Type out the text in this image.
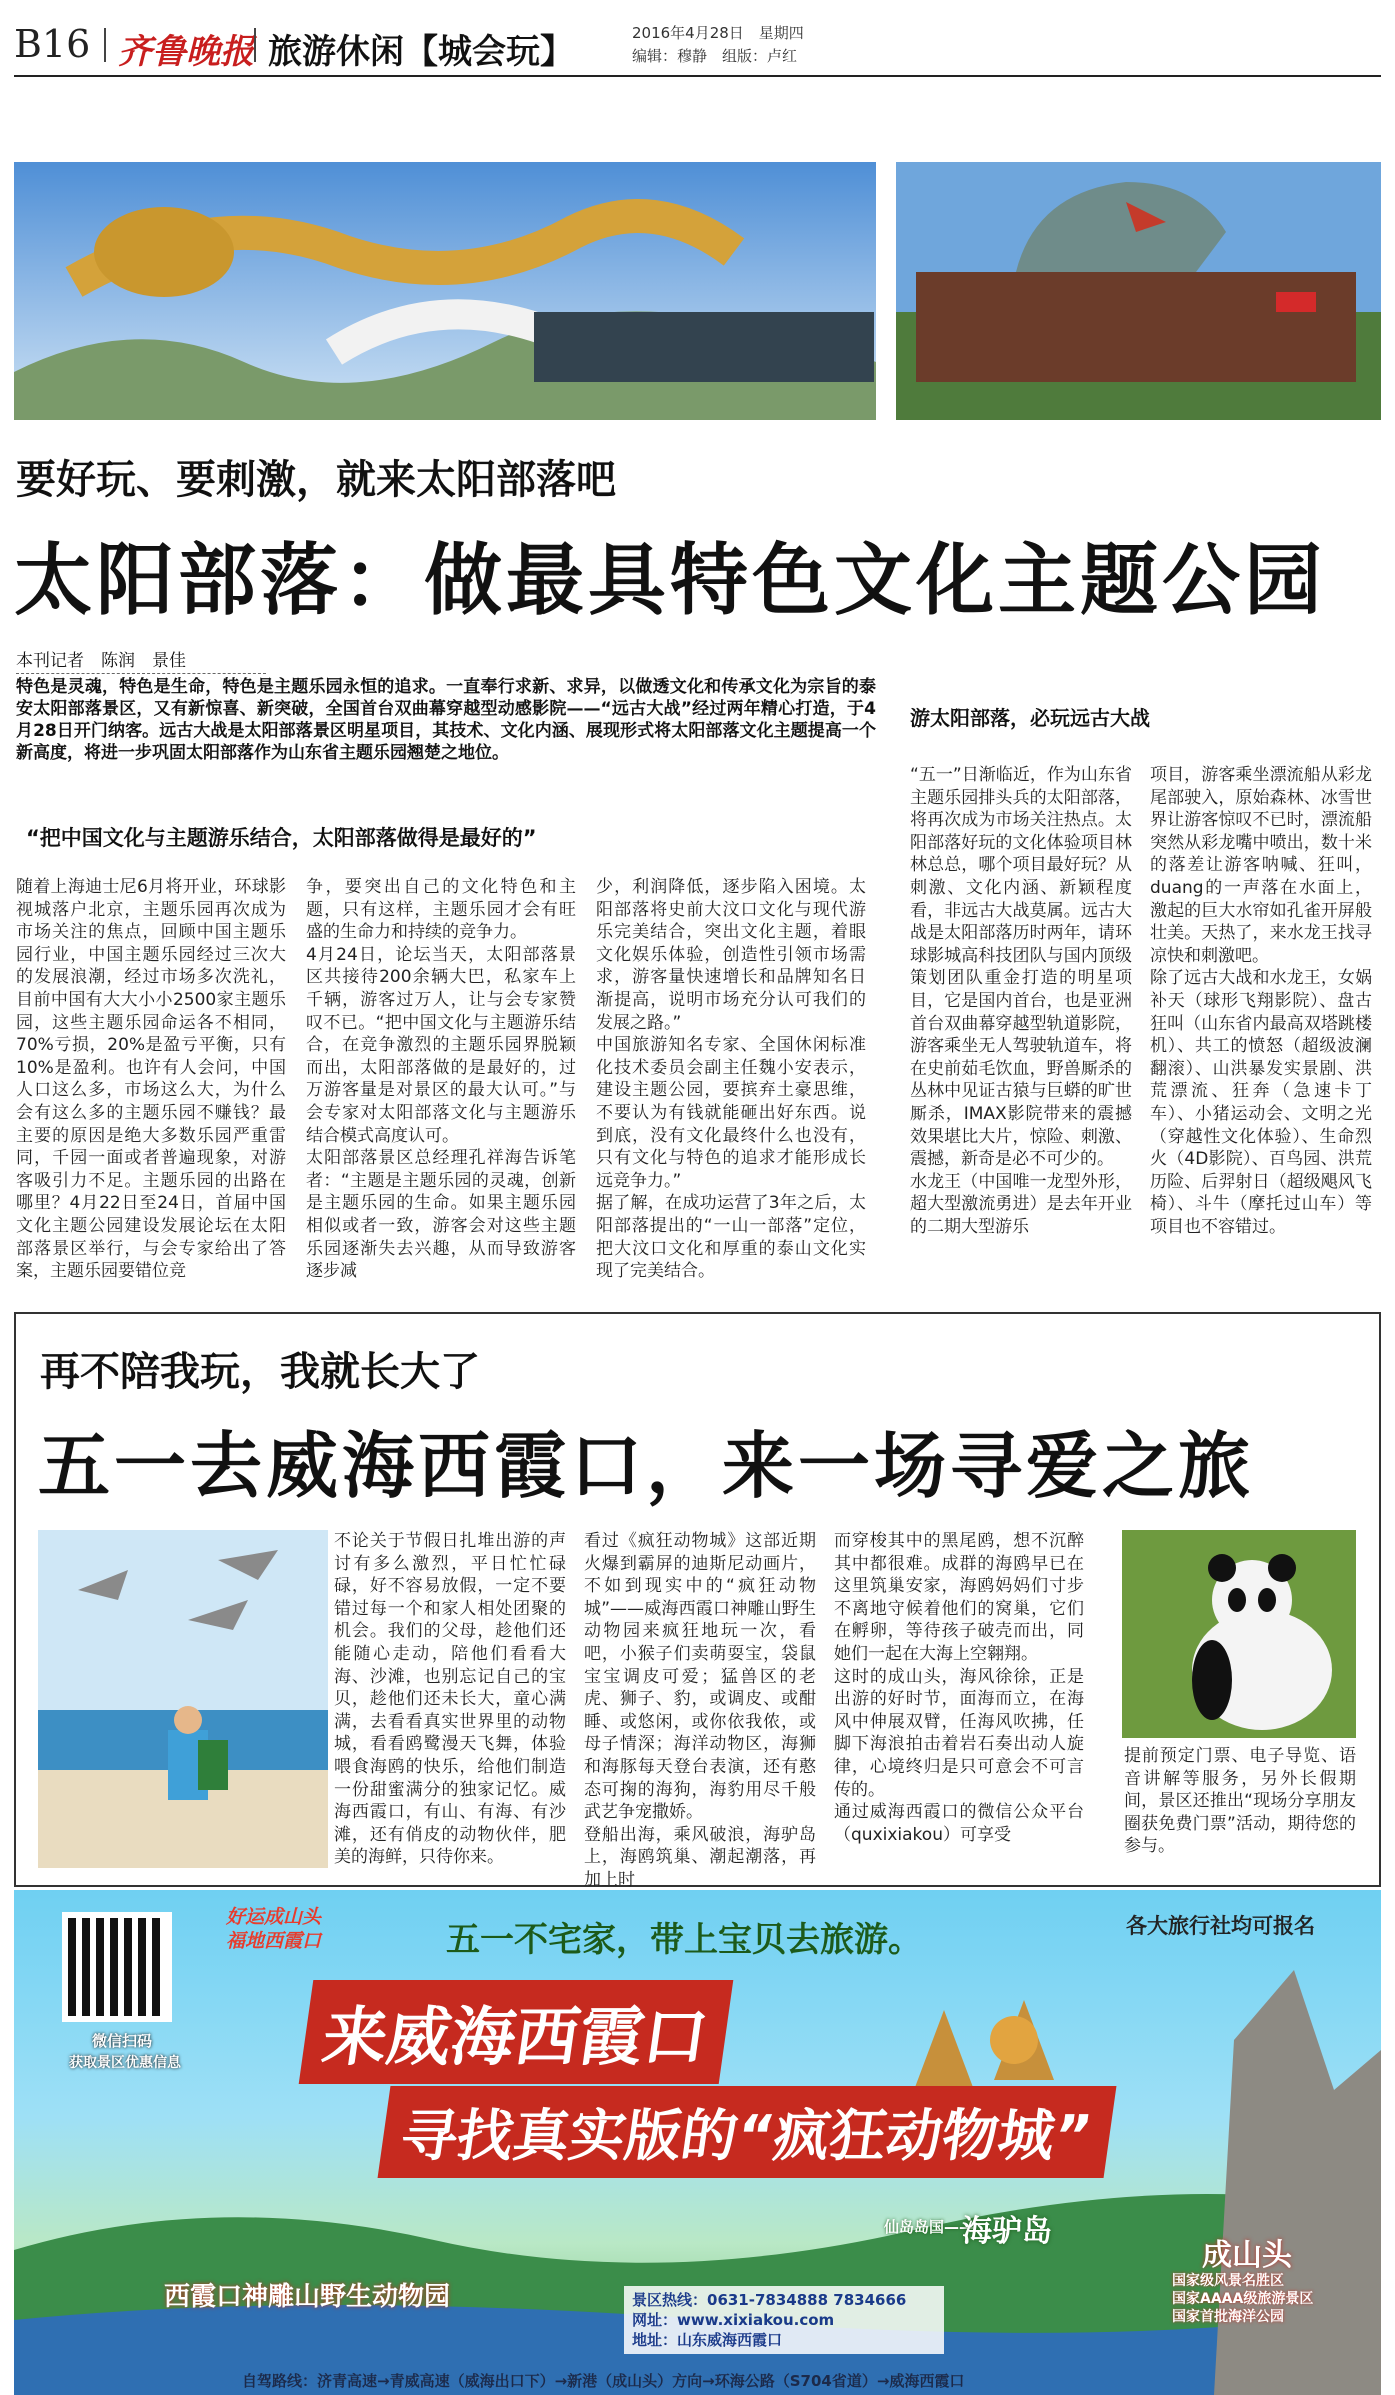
B16 齐鲁晚报 旅游休闲【城会玩】	2016年4月28日　星期四
编辑：穆静　组版：卢红
要好玩、要刺激，就来太阳部落吧
太阳部落：做最具特色文化主题公园
本刊记者　陈润　景佳
特色是灵魂，特色是生命，特色是主题乐园永恒的追求。一直奉行求新、求异，以做透文化和传承文化为宗旨的泰安太阳部落景区，又有新惊喜、新突破，全国首台双曲幕穿越型动感影院——“远古大战”经过两年精心打造，于4月28日开门纳客。远古大战是太阳部落景区明星项目，其技术、文化内涵、展现形式将太阳部落文化主题提高一个新高度，将进一步巩固太阳部落作为山东省主题乐园翘楚之地位。
“把中国文化与主题游乐结合，太阳部落做得是最好的”
随着上海迪士尼6月将开业，环球影视城落户北京，主题乐园再次成为市场关注的焦点，回顾中国主题乐园行业，中国主题乐园经过三次大的发展浪潮，经过市场多次洗礼，目前中国有大大小小2500家主题乐园，这些主题乐园命运各不相同，70%亏损，20%是盈亏平衡，只有10%是盈利。也许有人会问，中国人口这么多，市场这么大，为什么会有这么多的主题乐园不赚钱？最主要的原因是绝大多数乐园严重雷同，千园一面或者普遍现象，对游客吸引力不足。主题乐园的出路在哪里？4月22日至24日，首届中国文化主题公园建设发展论坛在太阳部落景区举行，与会专家给出了答案，主题乐园要错位竞
争，要突出自己的文化特色和主题，只有这样，主题乐园才会有旺盛的生命力和持续的竞争力。
4月24日，论坛当天，太阳部落景区共接待200余辆大巴，私家车上千辆，游客过万人，让与会专家赞叹不已。“把中国文化与主题游乐结合，在竞争激烈的主题乐园界脱颖而出，太阳部落做的是最好的，过万游客量是对景区的最大认可。”与会专家对太阳部落文化与主题游乐结合模式高度认可。
太阳部落景区总经理孔祥海告诉笔者：“主题是主题乐园的灵魂，创新是主题乐园的生命。如果主题乐园相似或者一致，游客会对这些主题乐园逐渐失去兴趣，从而导致游客逐步减
少，利润降低，逐步陷入困境。太阳部落将史前大汶口文化与现代游乐完美结合，突出文化主题，着眼文化娱乐体验，创造性引领市场需求，游客量快速增长和品牌知名日渐提高，说明市场充分认可我们的发展之路。”
中国旅游知名专家、全国休闲标准化技术委员会副主任魏小安表示，建设主题公园，要摈弃土豪思维，不要认为有钱就能砸出好东西。说到底，没有文化最终什么也没有，只有文化与特色的追求才能形成长远竞争力。”
据了解，在成功运营了3年之后，太阳部落提出的“一山一部落”定位，把大汶口文化和厚重的泰山文化实现了完美结合。
游太阳部落，必玩远古大战
“五一”日渐临近，作为山东省主题乐园排头兵的太阳部落，将再次成为市场关注热点。太阳部落好玩的文化体验项目林林总总，哪个项目最好玩？从刺激、文化内涵、新颖程度看，非远古大战莫属。远古大战是太阳部落历时两年，请环球影城高科技团队与国内顶级策划团队重金打造的明星项目，它是国内首台，也是亚洲首台双曲幕穿越型轨道影院，游客乘坐无人驾驶轨道车，将在史前茹毛饮血，野兽厮杀的丛林中见证古猿与巨蟒的旷世厮杀，IMAX影院带来的震撼效果堪比大片，惊险、刺激、震撼，新奇是必不可少的。
水龙王（中国唯一龙型外形，超大型激流勇进）是去年开业的二期大型游乐
项目，游客乘坐漂流船从彩龙尾部驶入，原始森林、冰雪世界让游客惊叹不已时，漂流船突然从彩龙嘴中喷出，数十米的落差让游客呐喊、狂叫，duang的一声落在水面上，激起的巨大水帘如孔雀开屏般壮美。天热了，来水龙王找寻凉快和刺激吧。
除了远古大战和水龙王，女娲补天（球形飞翔影院）、盘古狂叫（山东省内最高双塔跳楼机）、共工的愤怒（超级波澜翻滚）、山洪暴发实景剧、洪荒漂流、狂奔（急速卡丁车）、小猪运动会、文明之光（穿越性文化体验）、生命烈火（4D影院）、百鸟园、洪荒历险、后羿射日（超级飓风飞椅）、斗牛（摩托过山车）等项目也不容错过。
再不陪我玩，我就长大了
五一去威海西霞口，来一场寻爱之旅
不论关于节假日扎堆出游的声讨有多么激烈，平日忙忙碌碌，好不容易放假，一定不要错过每一个和家人相处团聚的机会。我们的父母，趁他们还能随心走动，陪他们看看大海、沙滩，也别忘记自己的宝贝，趁他们还未长大，童心满满，去看看真实世界里的动物城，看看鸥鹭漫天飞舞，体验喂食海鸥的快乐，给他们制造一份甜蜜满分的独家记忆。威海西霞口，有山、有海、有沙滩，还有俏皮的动物伙伴，肥美的海鲜，只待你来。
看过《疯狂动物城》这部近期火爆到霸屏的迪斯尼动画片，不如到现实中的“疯狂动物城”——威海西霞口神雕山野生动物园来疯狂地玩一次，看吧，小猴子们卖萌耍宝，袋鼠宝宝调皮可爱；猛兽区的老虎、狮子、豹，或调皮、或酣睡、或悠闲，或你依我侬，或母子情深；海洋动物区，海狮和海豚每天登台表演，还有憨态可掬的海狗，海豹用尽千般武艺争宠撒娇。
登船出海，乘风破浪，海驴岛上，海鸥筑巢、潮起潮落，再加上时
而穿梭其中的黑尾鸥，想不沉醉其中都很难。成群的海鸥早已在这里筑巢安家，海鸥妈妈们寸步不离地守候着他们的窝巢，它们在孵卵，等待孩子破壳而出，同她们一起在大海上空翱翔。
这时的成山头，海风徐徐，正是出游的好时节，面海而立，在海风中伸展双臂，任海风吹拂，任脚下海浪拍击着岩石奏出动人旋律，心境终归是只可意会不可言传的。
通过威海西霞口的微信公众平台（quxixiakou）可享受
提前预定门票、电子导览、语音讲解等服务，另外长假期间，景区还推出“现场分享朋友圈获免费门票”活动，期待您的参与。
微信扫码
获取景区优惠信息
好运成山头
福地西霞口	五一不宅家，带上宝贝去旅游。	各大旅行社均可报名
来威海西霞口
寻找真实版的“疯狂动物城”
西霞口神雕山野生动物园
仙岛岛国——
海驴岛
景区热线：0631-7834888 7834666
网址：www.xixiakou.com
地址：山东威海西霞口
成山头
国家级风景名胜区
国家AAAA级旅游景区
国家首批海洋公园
自驾路线：济青高速→青威高速（威海出口下）→新港（成山头）方向→环海公路（S704省道）→威海西霞口
